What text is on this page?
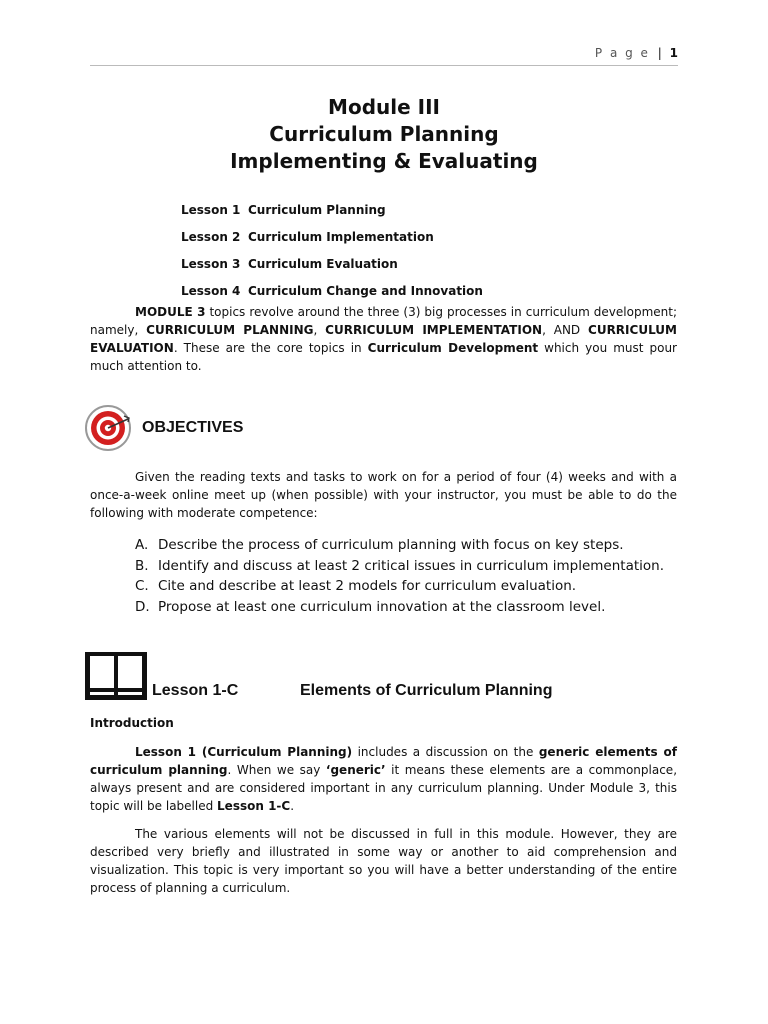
P a g e | 1
Module III
Curriculum Planning
Implementing & Evaluating
Lesson 1 Curriculum Planning
Lesson 2 Curriculum Implementation
Lesson 3 Curriculum Evaluation
Lesson 4 Curriculum Change and Innovation

MODULE 3 topics revolve around the three (3) big processes in curriculum development; namely, CURRICULUM PLANNING, CURRICULUM IMPLEMENTATION, AND CURRICULUM EVALUATION. These are the core topics in Curriculum Development which you must pour much attention to.

OBJECTIVES

Given the reading texts and tasks to work on for a period of four (4) weeks and with a once-a-week online meet up (when possible) with your instructor, you must be able to do the following with moderate competence:

A. Describe the process of curriculum planning with focus on key steps.
B. Identify and discuss at least 2 critical issues in curriculum implementation.
C. Cite and describe at least 2 models for curriculum evaluation.
D. Propose at least one curriculum innovation at the classroom level.
Lesson 1-C	Elements of Curriculum Planning
Introduction

Lesson 1 (Curriculum Planning) includes a discussion on the generic elements of curriculum planning. When we say ‘generic’ it means these elements are a commonplace, always present and are considered important in any curriculum planning. Under Module 3, this topic will be labelled Lesson 1-C.

The various elements will not be discussed in full in this module. However, they are described very briefly and illustrated in some way or another to aid comprehension and visualization. This topic is very important so you will have a better understanding of the entire process of planning a curriculum.
